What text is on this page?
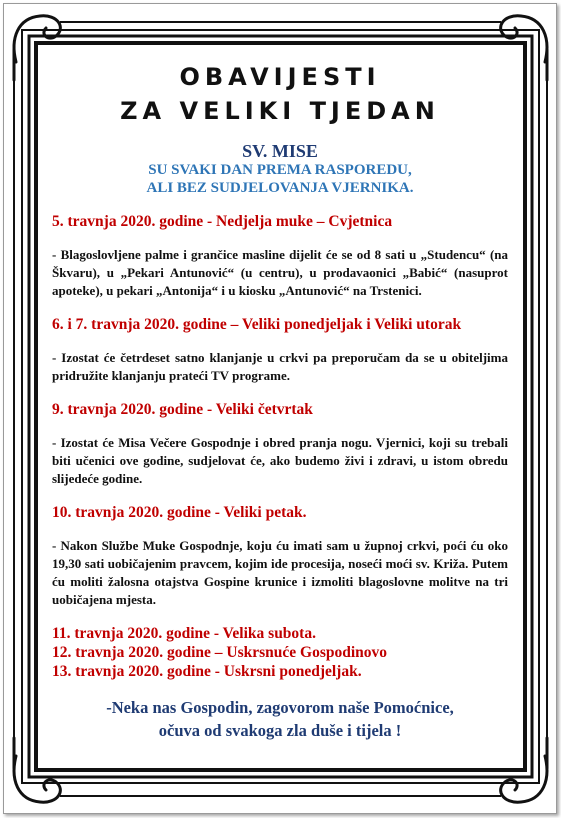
OBAVIJESTI
ZA VELIKI TJEDAN
SV. MISE
SU SVAKI DAN PREMA RASPOREDU,
ALI BEZ SUDJELOVANJA VJERNIKA.

5. travnja 2020. godine - Nedjelja muke – Cvjetnica

- Blagoslovljene palme i grančice masline dijelit će se od 8 sati u „Studencu“ (na Škvaru), u „Pekari Antunović“ (u centru), u prodavaonici „Babić“ (nasuprot apoteke), u pekari „Antonija“ i u kiosku „Antunović“ na Trstenici.

6. i 7. travnja 2020. godine – Veliki ponedjeljak i Veliki utorak

- Izostat će četrdeset satno klanjanje u crkvi pa preporučam da se u obiteljima pridružite klanjanju prateći TV programe.

9. travnja 2020. godine - Veliki četvrtak

- Izostat će Misa Večere Gospodnje i obred pranja nogu. Vjernici, koji su trebali biti učenici ove godine, sudjelovat će, ako budemo živi i zdravi, u istom obredu slijedeće godine.

10. travnja 2020. godine - Veliki petak.

- Nakon Službe Muke Gospodnje, koju ću imati sam u župnoj crkvi, poći ću oko 19,30 sati uobičajenim pravcem, kojim ide procesija, noseći moći sv. Križa. Putem ću moliti žalosna otajstva Gospine krunice i izmoliti blagoslovne molitve na tri uobičajena mjesta.

11. travnja 2020. godine - Velika subota.

12. travnja 2020. godine – Uskrsnuće Gospodinovo

13. travnja 2020. godine - Uskrsni ponedjeljak.

-Neka nas Gospodin, zagovorom naše Pomoćnice,
očuva od svakoga zla duše i tijela !
